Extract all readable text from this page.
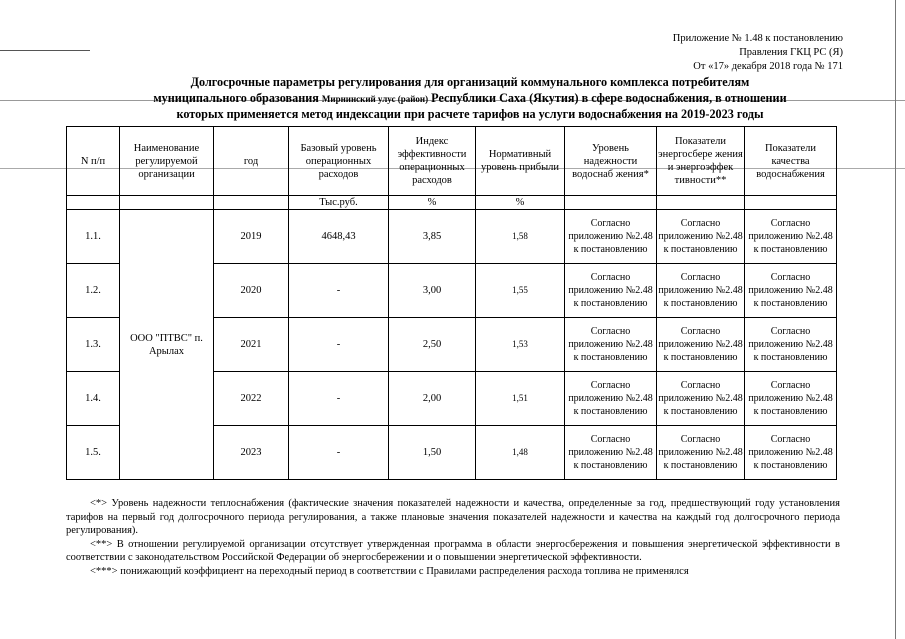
Приложение № 1.48 к постановлению
Правления ГКЦ РС (Я)
От «17» декабря 2018 года № 171
Долгосрочные параметры регулирования для организаций коммунального комплекса потребителям
муниципального образования Мирнинский улус (район) Республики Саха (Якутия) в сфере водоснабжения, в отношении
которых применяется метод индексации при расчете тарифов на услуги водоснабжения на 2019-2023 годы
N п/п	Наименование регулируемой организации	год	Базовый уровень операционных расходов	Индекс эффективности операционных расходов	Нормативный уровень прибыли	Уровень надежности водоснаб жения*	Показатели энергосбере жения и энергоэффек тивности**	Показатели качества водоснабжения
			Тыс.руб.	%	%			
1.1.	ООО "ПТВС" п. Арылах	2019	4648,43	3,85	1,58	Согласно приложению №2.48 к постановлению	Согласно приложению №2.48 к постановлению	Согласно приложению №2.48 к постановлению
1.2.		2020	-	3,00	1,55	Согласно приложению №2.48 к постановлению	Согласно приложению №2.48 к постановлению	Согласно приложению №2.48 к постановлению
1.3.		2021	-	2,50	1,53	Согласно приложению №2.48 к постановлению	Согласно приложению №2.48 к постановлению	Согласно приложению №2.48 к постановлению
1.4.		2022	-	2,00	1,51	Согласно приложению №2.48 к постановлению	Согласно приложению №2.48 к постановлению	Согласно приложению №2.48 к постановлению
1.5.		2023	-	1,50	1,48	Согласно приложению №2.48 к постановлению	Согласно приложению №2.48 к постановлению	Согласно приложению №2.48 к постановлению

<*> Уровень надежности теплоснабжения (фактические значения показателей надежности и качества, определенные за год, предшествующий году установления тарифов на первый год долгосрочного периода регулирования, а также плановые значения показателей надежности и качества на каждый год долгосрочного периода регулирования).

<**> В отношении регулируемой организации отсутствует утвержденная программа в области энергосбережения и повышения энергетической эффективности в соответствии с законодательством Российской Федерации об энергосбережении и о повышении энергетической эффективности.

<***> понижающий коэффициент на переходный период в соответствии с Правилами распределения расхода топлива не применялся
